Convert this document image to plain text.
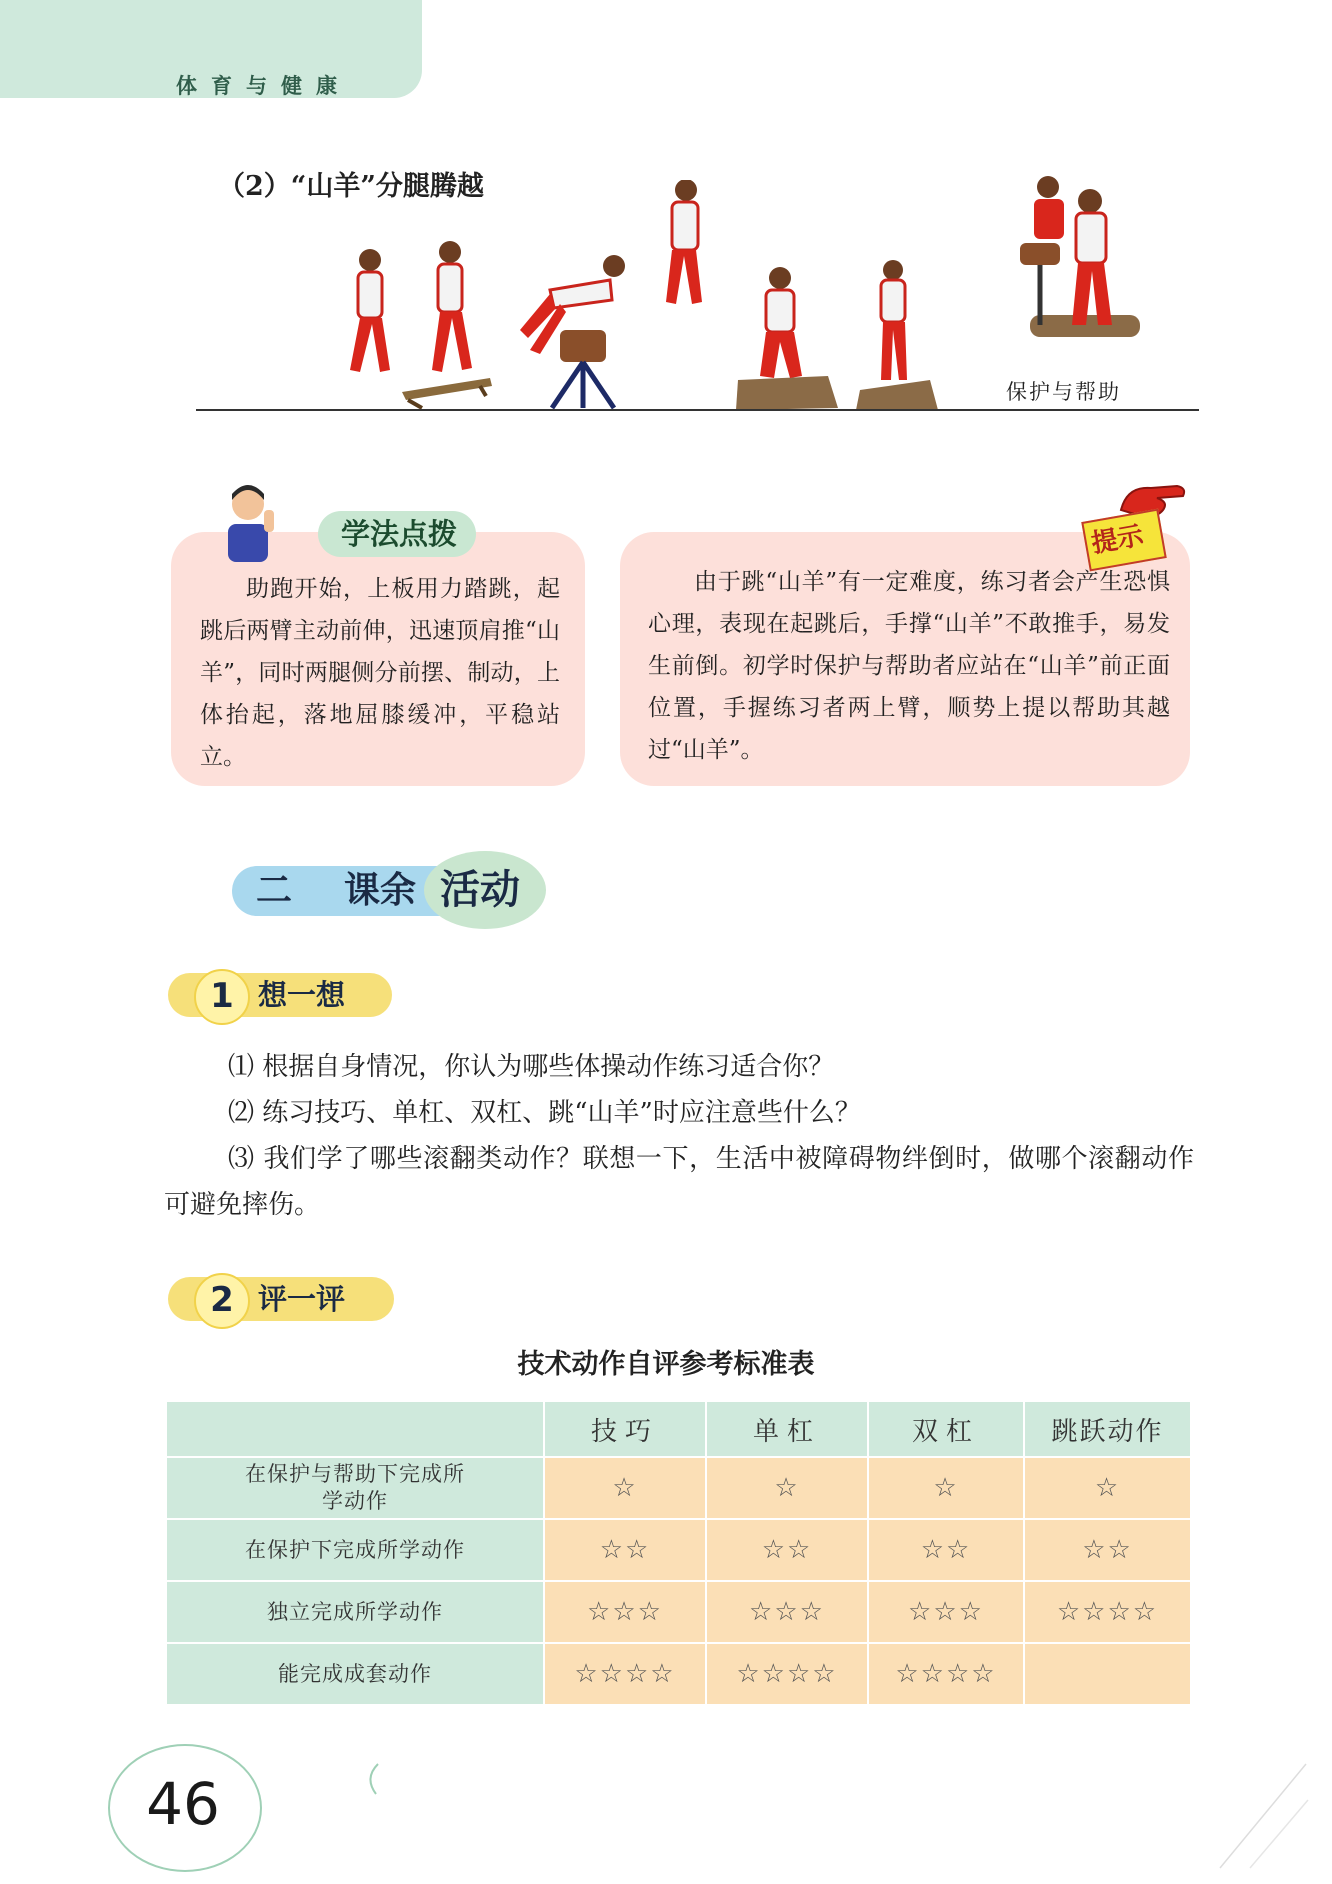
体育与健康
（2）“山羊”分腿腾越
保护与帮助
学法点拨
助跑开始，上板用力踏跳，起跳后两臂主动前伸，迅速顶肩推“山羊”，同时两腿侧分前摆、制动，上体抬起，落地屈膝缓冲，平稳站立。
提示
由于跳“山羊”有一定难度，练习者会产生恐惧心理，表现在起跳后，手撑“山羊”不敢推手，易发生前倒。初学时保护与帮助者应站在“山羊”前正面位置，手握练习者两上臂，顺势上提以帮助其越过“山羊”。
二 课余 活动
1 想一想
⑴ 根据自身情况，你认为哪些体操动作练习适合你？
⑵ 练习技巧、单杠、双杠、跳“山羊”时应注意些什么？
⑶ 我们学了哪些滚翻类动作？联想一下，生活中被障碍物绊倒时，做哪个滚翻动作可避免摔伤。
2 评一评
技术动作自评参考标准表
	技巧	单杠	双杠	跳跃动作
在保护与帮助下完成所学动作	☆	☆	☆	☆
在保护下完成所学动作	☆☆	☆☆	☆☆	☆☆
独立完成所学动作	☆☆☆	☆☆☆	☆☆☆	☆☆☆☆
能完成成套动作	☆☆☆☆	☆☆☆☆	☆☆☆☆	
46
